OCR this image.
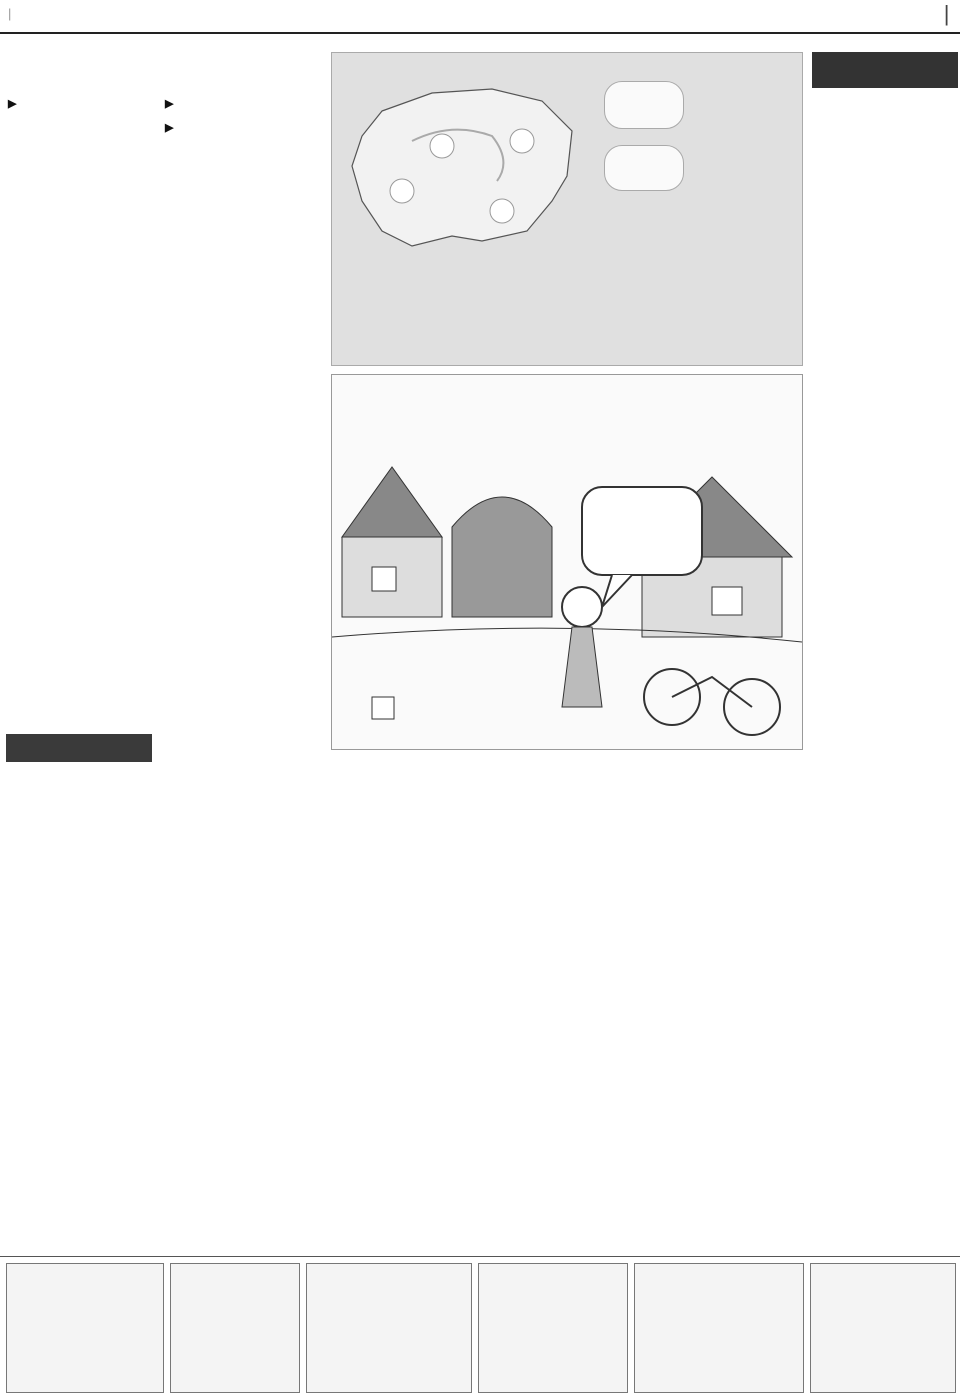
|	|

▶

▶

▶
